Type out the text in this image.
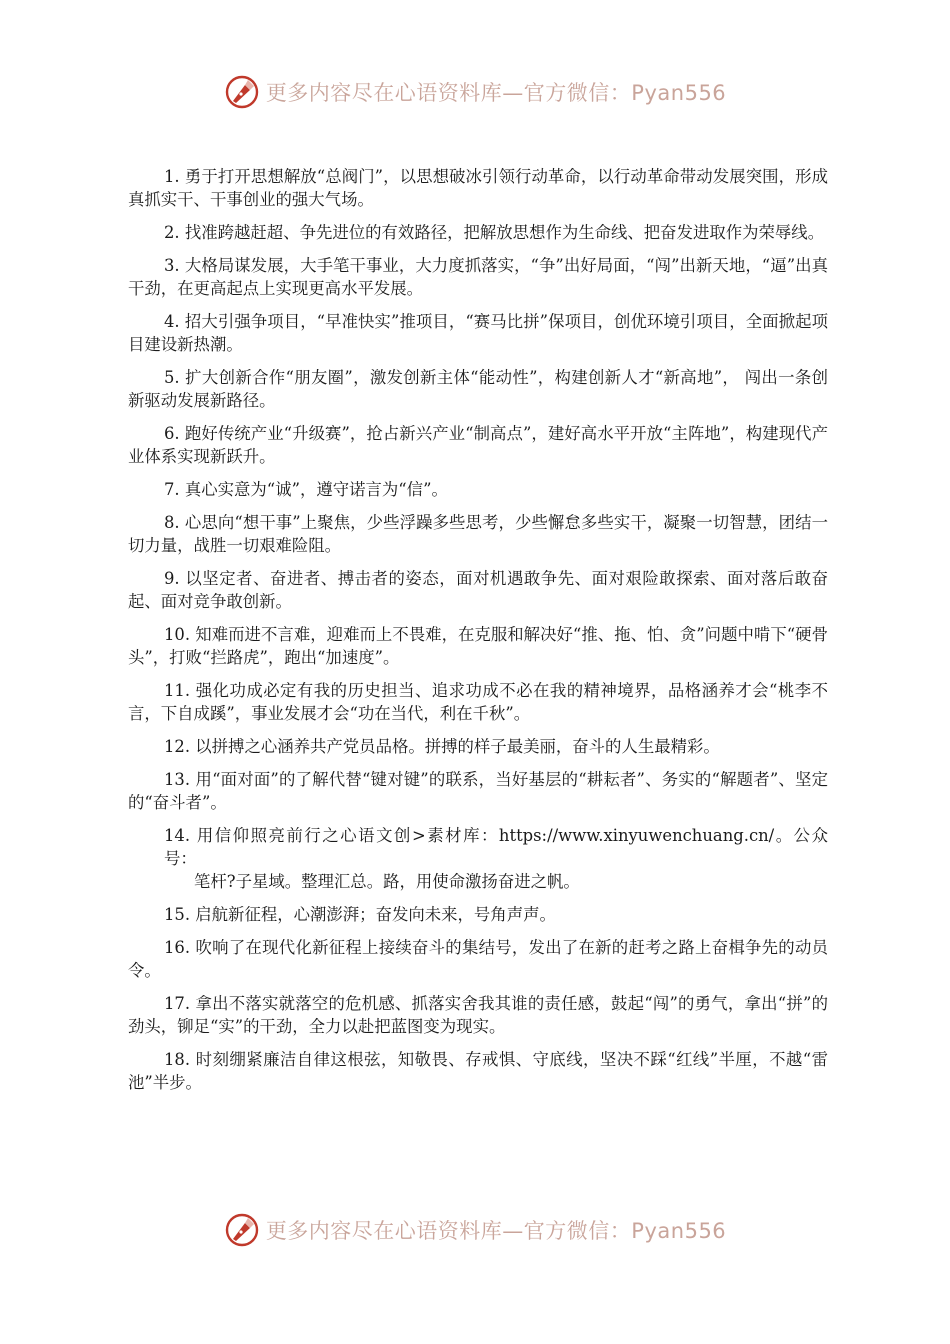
更多内容尽在心语资料库—官方微信：Pyan556

1. 勇于打开思想解放“总阀门”，以思想破冰引领行动革命，以行动革命带动发展突围，形成真抓实干、干事创业的强大气场。

2. 找准跨越赶超、争先进位的有效路径，把解放思想作为生命线、把奋发进取作为荣辱线。

3. 大格局谋发展，大手笔干事业，大力度抓落实，“争”出好局面，“闯”出新天地，“逼”出真干劲，在更高起点上实现更高水平发展。

4. 招大引强争项目，“早准快实”推项目，“赛马比拼”保项目，创优环境引项目，全面掀起项目建设新热潮。

5. 扩大创新合作“朋友圈”，激发创新主体“能动性”，构建创新人才“新高地”， 闯出一条创新驱动发展新路径。

6. 跑好传统产业“升级赛”，抢占新兴产业“制高点”，建好高水平开放“主阵地”，构建现代产业体系实现新跃升。

7. 真心实意为“诚”，遵守诺言为“信”。

8. 心思向“想干事”上聚焦，少些浮躁多些思考，少些懈怠多些实干，凝聚一切智慧，团结一切力量，战胜一切艰难险阻。

9. 以坚定者、奋进者、搏击者的姿态，面对机遇敢争先、面对艰险敢探索、面对落后敢奋起、面对竞争敢创新。

10. 知难而进不言难，迎难而上不畏难，在克服和解决好“推、拖、怕、贪”问题中啃下“硬骨头”，打败“拦路虎”，跑出“加速度”。

11. 强化功成必定有我的历史担当、追求功成不必在我的精神境界，品格涵养才会“桃李不言，下自成蹊”，事业发展才会“功在当代，利在千秋”。

12. 以拼搏之心涵养共产党员品格。拼搏的样子最美丽，奋斗的人生最精彩。

13. 用“面对面”的了解代替“键对键”的联系，当好基层的“耕耘者”、务实的“解题者”、坚定的“奋斗者”。

14. 用信仰照亮前行之心语文创>素材库：https://www.xinyuwenchuang.cn/。公众号：
笔杆?子星域。整理汇总。路，用使命激扬奋进之帆。

15. 启航新征程，心潮澎湃；奋发向未来，号角声声。

16. 吹响了在现代化新征程上接续奋斗的集结号，发出了在新的赶考之路上奋楫争先的动员令。

17. 拿出不落实就落空的危机感、抓落实舍我其谁的责任感，鼓起“闯”的勇气，拿出“拼”的劲头，铆足“实”的干劲，全力以赴把蓝图变为现实。

18. 时刻绷紧廉洁自律这根弦，知敬畏、存戒惧、守底线，坚决不踩“红线”半厘，不越“雷池”半步。

更多内容尽在心语资料库—官方微信：Pyan556
